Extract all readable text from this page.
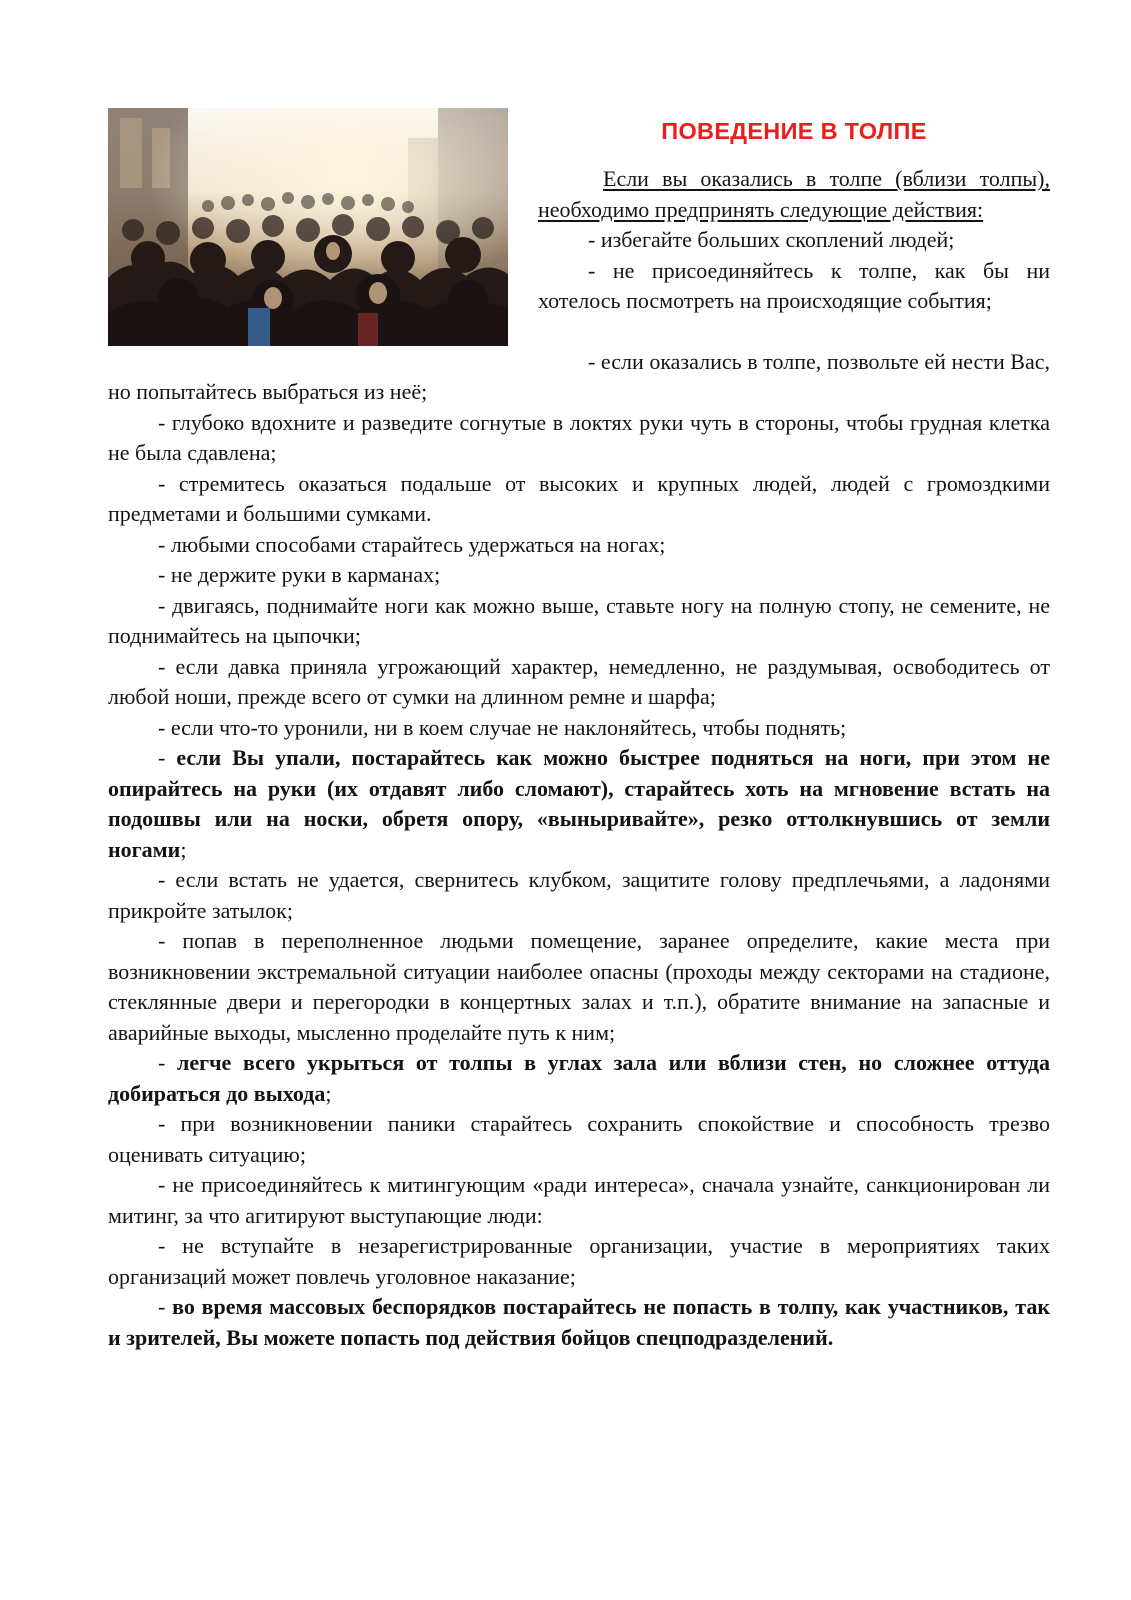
ПОВЕДЕНИЕ В ТОЛПЕ

Если вы оказались в толпе (вблизи толпы), необходимо предпринять следующие действия:

- избегайте больших скоплений людей;

- не присоединяйтесь к толпе, как бы ни хотелось посмотреть на происходящие события;

- если оказались в толпе, позвольте ей нести Вас, но попытайтесь выбраться из неё;

- глубоко вдохните и разведите согнутые в локтях руки чуть в стороны, чтобы грудная клетка не была сдавлена;

- стремитесь оказаться подальше от высоких и крупных людей, людей с громоздкими предметами и большими сумками.

- любыми способами старайтесь удержаться на ногах;

- не держите руки в карманах;

- двигаясь, поднимайте ноги как можно выше, ставьте ногу на полную стопу, не семените, не поднимайтесь на цыпочки;

- если давка приняла угрожающий характер, немедленно, не раздумывая, освободитесь от любой ноши, прежде всего от сумки на длинном ремне и шарфа;

- если что-то уронили, ни в коем случае не наклоняйтесь, чтобы поднять;

- если Вы упали, постарайтесь как можно быстрее подняться на ноги, при этом не опирайтесь на руки (их отдавят либо сломают), старайтесь хоть на мгновение встать на подошвы или на носки, обретя опору, «выныривайте», резко оттолкнувшись от земли ногами;

- если встать не удается, свернитесь клубком, защитите голову предплечьями, а ладонями прикройте затылок;

- попав в переполненное людьми помещение, заранее определите, какие места при возникновении экстремальной ситуации наиболее опасны (проходы между секторами на стадионе, стеклянные двери и перегородки в концертных залах и т.п.), обратите внимание на запасные и аварийные выходы, мысленно проделайте путь к ним;

- легче всего укрыться от толпы в углах зала или вблизи стен, но сложнее оттуда добираться до выхода;

- при возникновении паники старайтесь сохранить спокойствие и способность трезво оценивать ситуацию;

- не присоединяйтесь к митингующим «ради интереса», сначала узнайте, санкционирован ли митинг, за что агитируют выступающие люди:

- не вступайте в незарегистрированные организации, участие в мероприятиях таких организаций может повлечь уголовное наказание;

- во время массовых беспорядков постарайтесь не попасть в толпу, как участников, так и зрителей, Вы можете попасть под действия бойцов спецподразделений.
